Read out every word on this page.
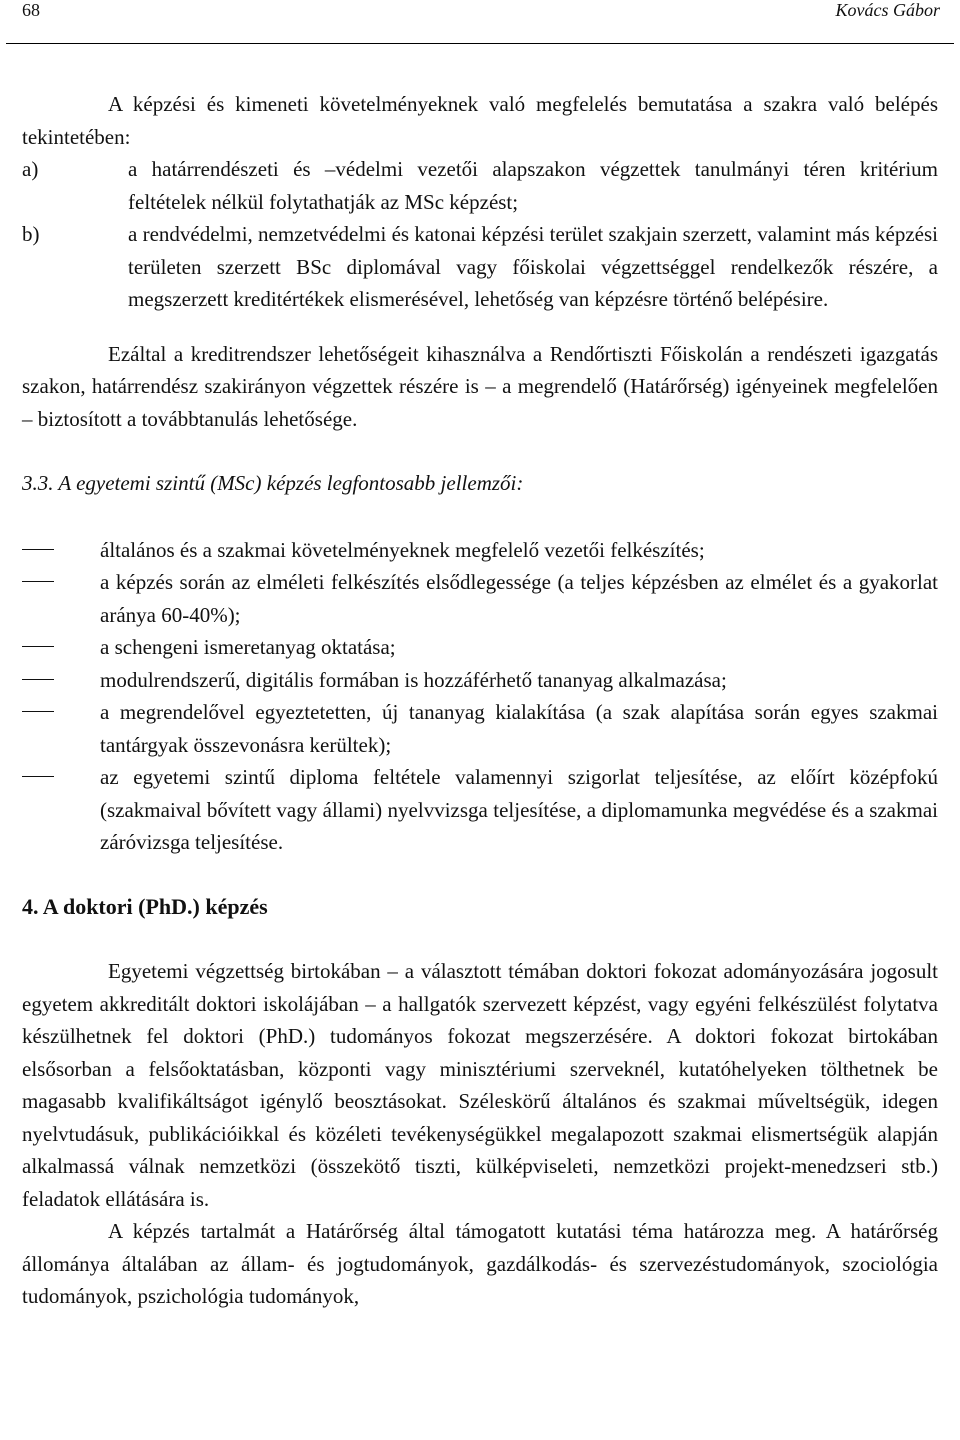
68	Kovács Gábor

A képzési és kimeneti követelményeknek való megfelelés bemutatása a szakra való belépés tekintetében:

a)	a határrendészeti és –védelmi vezetői alapszakon végzettek tanulmányi téren kritérium feltételek nélkül folytathatják az MSc képzést;
b)	a rendvédelmi, nemzetvédelmi és katonai képzési terület szakjain szerzett, valamint más képzési területen szerzett BSc diplomával vagy főiskolai végzettséggel rendelkezők részére, a megszerzett kreditértékek elismerésével, lehetőség van képzésre történő belépésire.

Ezáltal a kreditrendszer lehetőségeit kihasználva a Rendőrtiszti Főiskolán a rendészeti igazgatás szakon, határrendész szakirányon végzettek részére is – a megrendelő (Határőrség) igényeinek megfelelően – biztosított a továbbtanulás lehetősége.

3.3. A egyetemi szintű (MSc) képzés legfontosabb jellemzői:

általános és a szakmai követelményeknek megfelelő vezetői felkészítés;
a képzés során az elméleti felkészítés elsődlegessége (a teljes képzésben az elmélet és a gyakorlat aránya 60-40%);
a schengeni ismeretanyag oktatása;
modulrendszerű, digitális formában is hozzáférhető tananyag alkalmazása;
a megrendelővel egyeztetetten, új tananyag kialakítása (a szak alapítása során egyes szakmai tantárgyak összevonásra kerültek);
az egyetemi szintű diploma feltétele valamennyi szigorlat teljesítése, az előírt középfokú (szakmaival bővített vagy állami) nyelvvizsga teljesítése, a diplomamunka megvédése és a szakmai záróvizsga teljesítése.

4. A doktori (PhD.) képzés

Egyetemi végzettség birtokában – a választott témában doktori fokozat adományozására jogosult egyetem akkreditált doktori iskolájában – a hallgatók szervezett képzést, vagy egyéni felkészülést folytatva készülhetnek fel doktori (PhD.) tudományos fokozat megszerzésére. A doktori fokozat birtokában elsősorban a felsőoktatásban, központi vagy minisztériumi szerveknél, kutatóhelyeken tölthetnek be magasabb kvalifikáltságot igénylő beosztásokat. Széleskörű általános és szakmai műveltségük, idegen nyelvtudásuk, publikációikkal és közéleti tevékenységükkel megalapozott szakmai elismertségük alapján alkalmassá válnak nemzetközi (összekötő tiszti, külképviseleti, nemzetközi projekt-menedzseri stb.) feladatok ellátására is.

A képzés tartalmát a Határőrség által támogatott kutatási téma határozza meg. A határőrség állománya általában az állam- és jogtudományok, gazdálkodás- és szervezéstudományok, szociológia tudományok, pszichológia tudományok,
